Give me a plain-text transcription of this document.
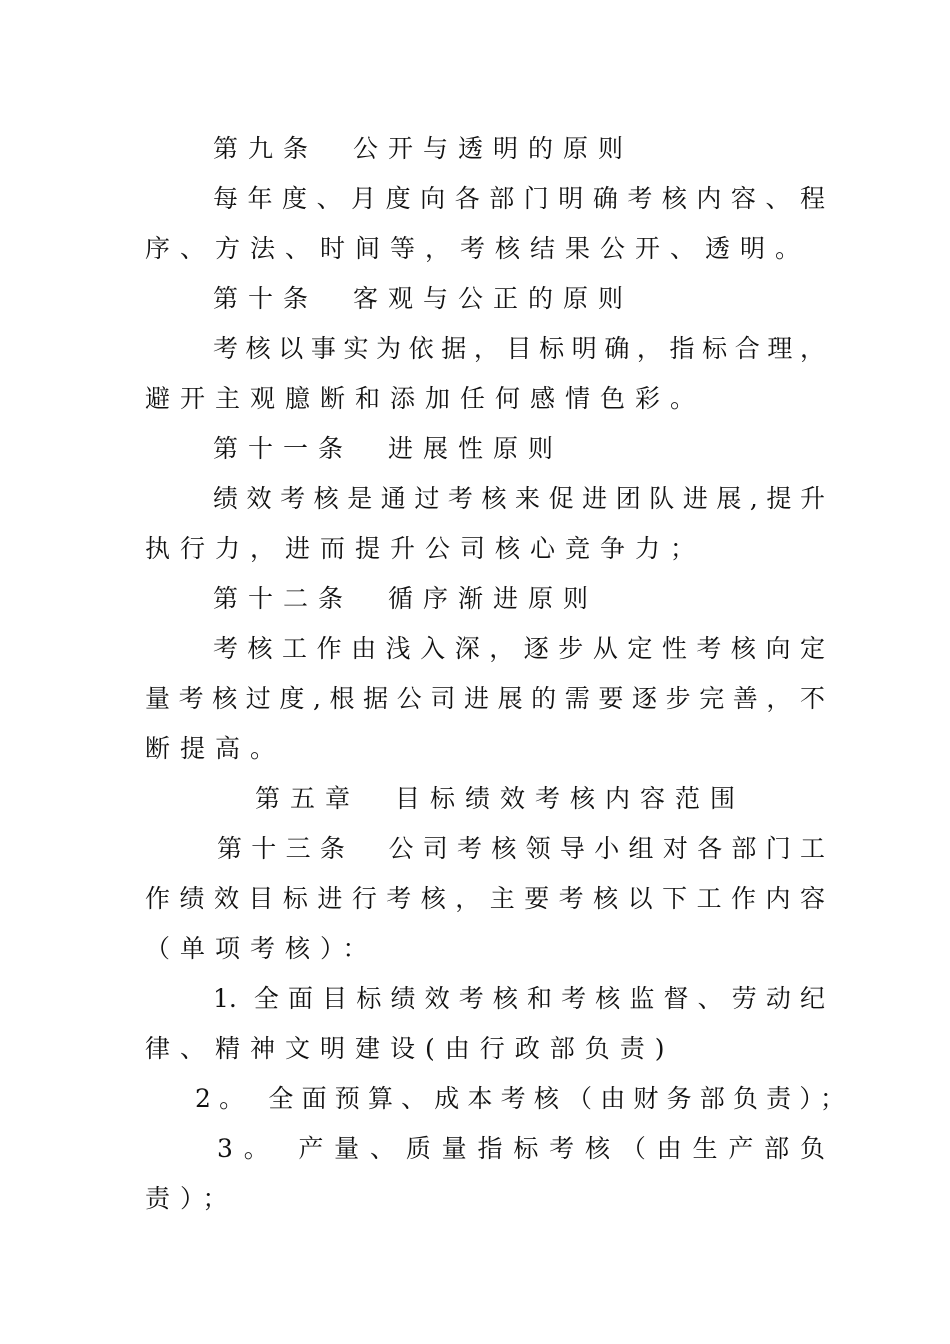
第九条　公开与透明的原则
每年度、月度向各部门明确考核内容、程
序、方法、时间等，考核结果公开、透明。
第十条　客观与公正的原则
考核以事实为依据，目标明确，指标合理，
避开主观臆断和添加任何感情色彩。
第十一条　进展性原则
绩效考核是通过考核来促进团队进展,提升
执行力，进而提升公司核心竞争力；
第十二条　循序渐进原则
考核工作由浅入深，逐步从定性考核向定
量考核过度,根据公司进展的需要逐步完善，不
断提高。
第五章　目标绩效考核内容范围
第十三条　公司考核领导小组对各部门工
作绩效目标进行考核，主要考核以下工作内容
（单项考核）：
1. 全面目标绩效考核和考核监督、劳动纪
律、精神文明建设(由行政部负责)
2。 全面预算、成本考核（由财务部负责）；
3。 产量、质量指标考核（由生产部负
责）；
